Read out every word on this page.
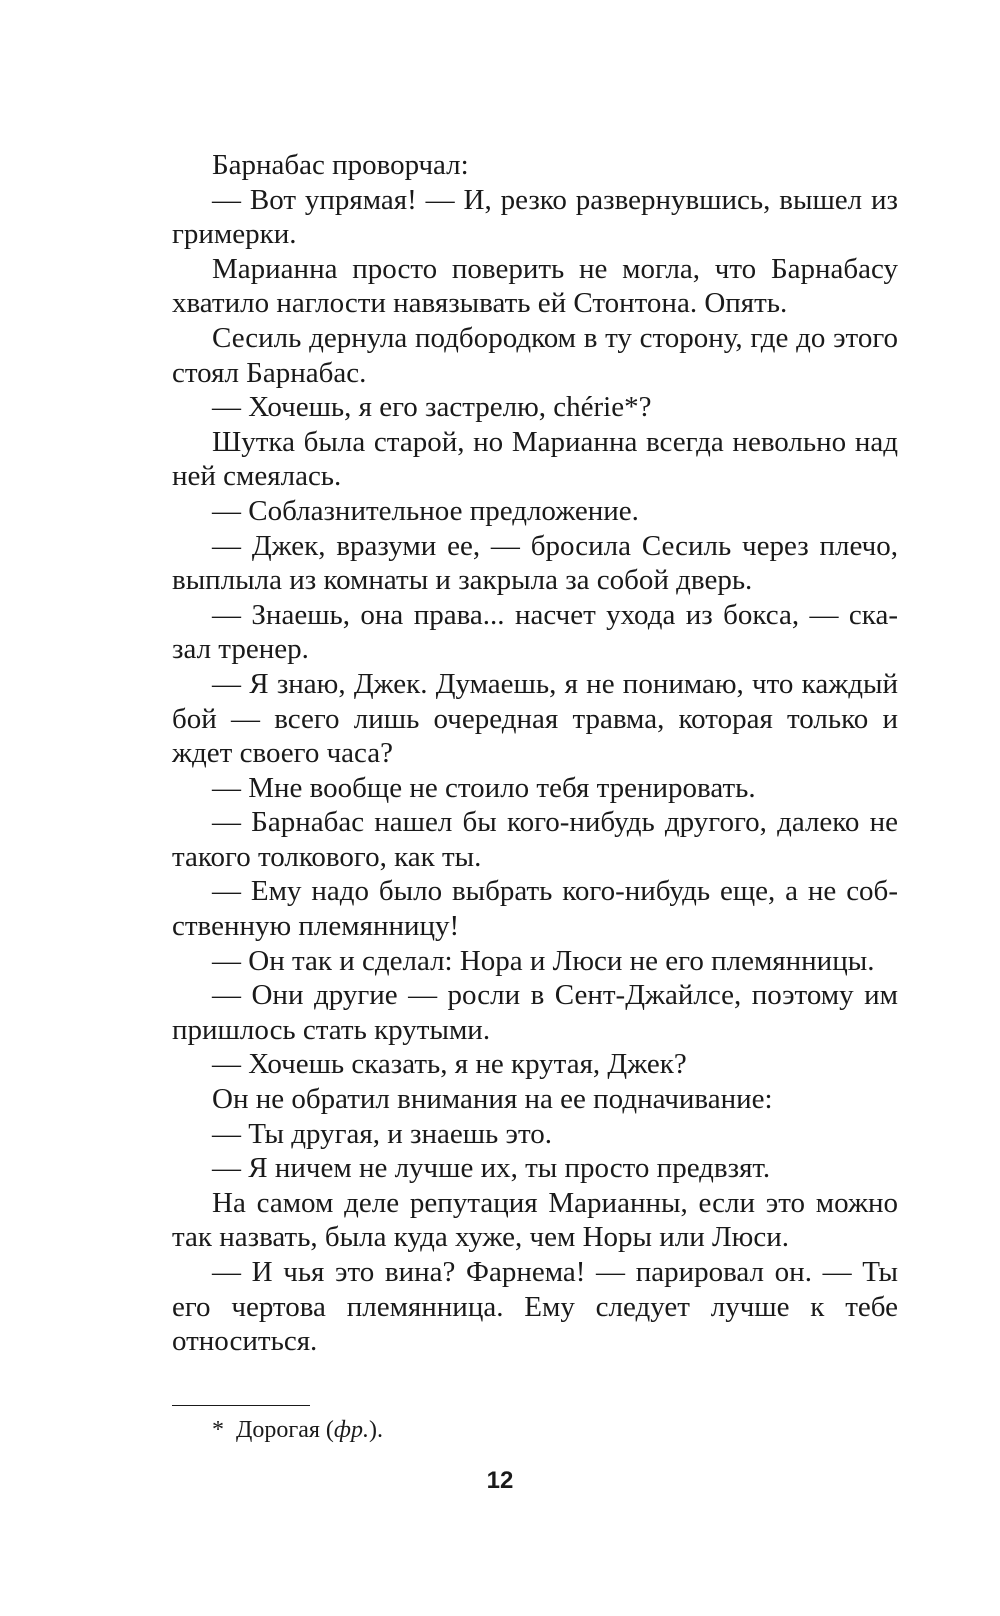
Барнабас проворчал:

— Вот упрямая! — И, резко развернувшись, вышел из гримерки.

Марианна просто поверить не могла, что Барнабасу хватило наглости навязывать ей Стонтона. Опять.

Сесиль дернула подбородком в ту сторону, где до этого стоял Барнабас.

— Хочешь, я его застрелю, chérie*?

Шутка была старой, но Марианна всегда невольно над ней смеялась.

— Соблазнительное предложение.

— Джек, вразуми ее, — бросила Сесиль через плечо, выплыла из комнаты и закрыла за собой дверь.

— Знаешь, она права... насчет ухода из бокса, — сказал тренер.

— Я знаю, Джек. Думаешь, я не понимаю, что каждый бой — всего лишь очередная травма, которая только и ждет своего часа?

— Мне вообще не стоило тебя тренировать.

— Барнабас нашел бы кого-нибудь другого, далеко не такого толкового, как ты.

— Ему надо было выбрать кого-нибудь еще, а не собственную племянницу!

— Он так и сделал: Нора и Люси не его племянницы.

— Они другие — росли в Сент-Джайлсе, поэтому им пришлось стать крутыми.

— Хочешь сказать, я не крутая, Джек?

Он не обратил внимания на ее подначивание:

— Ты другая, и знаешь это.

— Я ничем не лучше их, ты просто предвзят.

На самом деле репутация Марианны, если это можно так назвать, была куда хуже, чем Норы или Люси.

— И чья это вина? Фарнема! — парировал он. — Ты его чертова племянница. Ему следует лучше к тебе относиться.

* Дорогая (фр.).
12
